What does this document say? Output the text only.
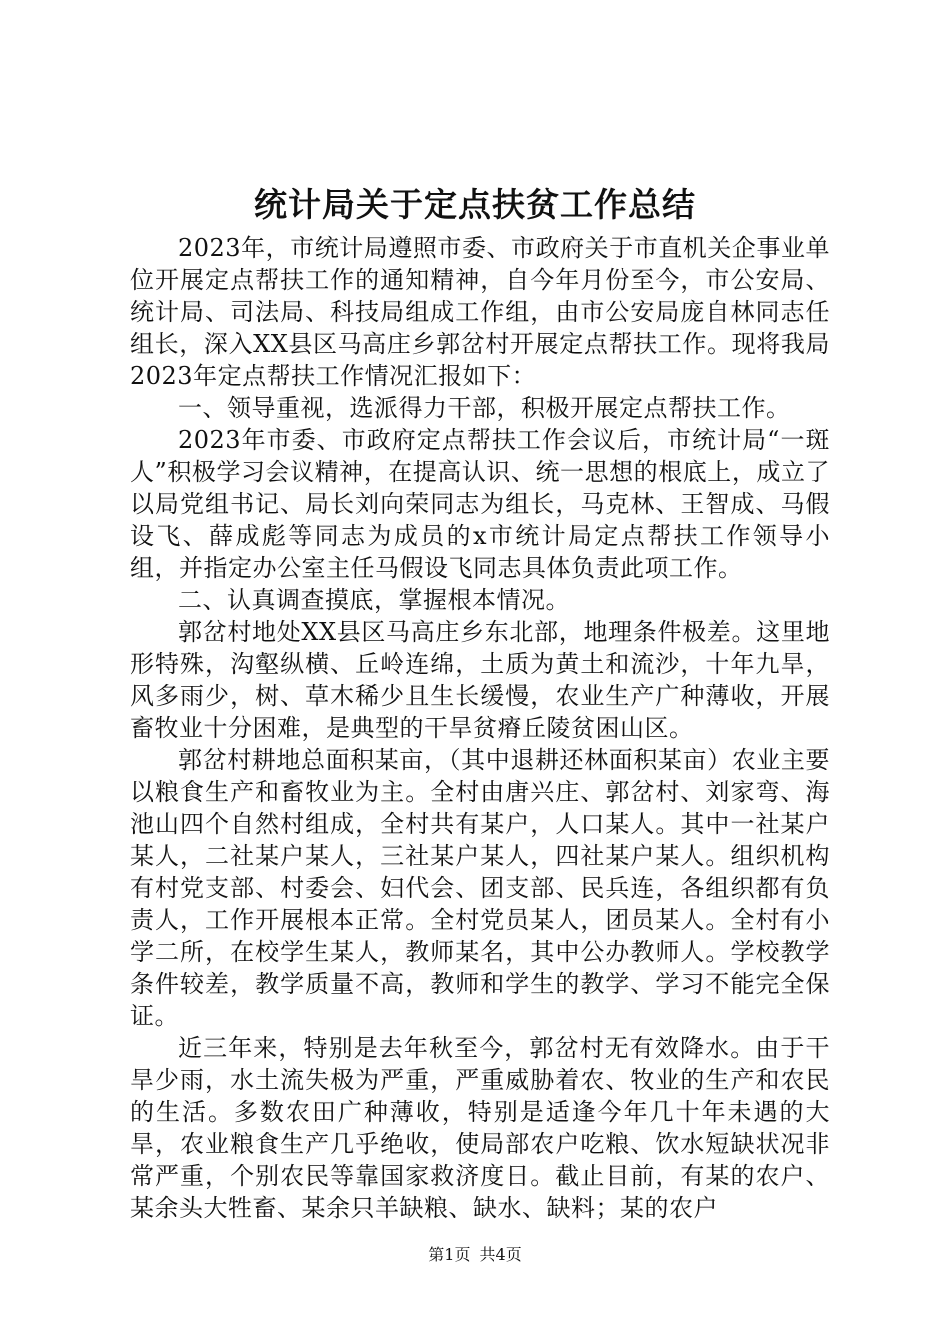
统计局关于定点扶贫工作总结

2023年，市统计局遵照市委、市政府关于市直机关企事业单位开展定点帮扶工作的通知精神，自今年月份至今，市公安局、统计局、司法局、科技局组成工作组，由市公安局庞自林同志任组长，深入XX县区马高庄乡郭岔村开展定点帮扶工作。现将我局2023年定点帮扶工作情况汇报如下：

一、领导重视，选派得力干部，积极开展定点帮扶工作。

2023年市委、市政府定点帮扶工作会议后，市统计局“一斑人”积极学习会议精神，在提高认识、统一思想的根底上，成立了以局党组书记、局长刘向荣同志为组长，马克林、王智成、马假设飞、薛成彪等同志为成员的x市统计局定点帮扶工作领导小组，并指定办公室主任马假设飞同志具体负责此项工作。

二、认真调查摸底，掌握根本情况。

郭岔村地处XX县区马高庄乡东北部，地理条件极差。这里地形特殊，沟壑纵横、丘岭连绵，土质为黄土和流沙，十年九旱，风多雨少，树、草木稀少且生长缓慢，农业生产广种薄收，开展畜牧业十分困难，是典型的干旱贫瘠丘陵贫困山区。

郭岔村耕地总面积某亩，（其中退耕还林面积某亩）农业主要以粮食生产和畜牧业为主。全村由唐兴庄、郭岔村、刘家弯、海池山四个自然村组成，全村共有某户，人口某人。其中一社某户某人，二社某户某人，三社某户某人，四社某户某人。组织机构有村党支部、村委会、妇代会、团支部、民兵连，各组织都有负责人，工作开展根本正常。全村党员某人，团员某人。全村有小学二所，在校学生某人，教师某名，其中公办教师人。学校教学条件较差，教学质量不高，教师和学生的教学、学习不能完全保证。

近三年来，特别是去年秋至今，郭岔村无有效降水。由于干旱少雨，水土流失极为严重，严重威胁着农、牧业的生产和农民的生活。多数农田广种薄收，特别是适逢今年几十年未遇的大旱，农业粮食生产几乎绝收，使局部农户吃粮、饮水短缺状况非常严重，个别农民等靠国家救济度日。截止目前，有某的农户、某余头大牲畜、某余只羊缺粮、缺水、缺料；某的农户

第1页 共4页
